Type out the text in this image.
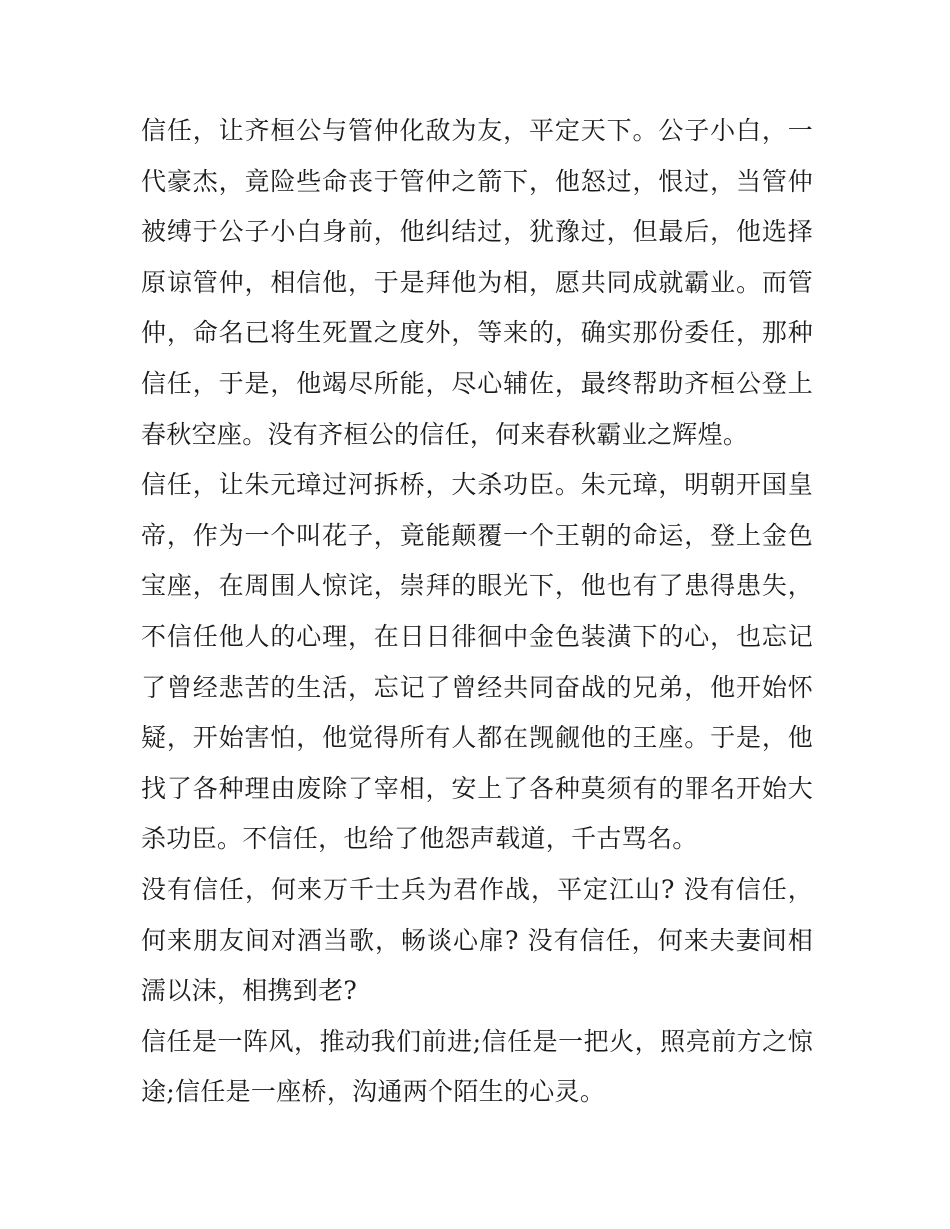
信任，让齐桓公与管仲化敌为友，平定天下。公子小白，一代豪杰，竟险些命丧于管仲之箭下，他怒过，恨过，当管仲被缚于公子小白身前，他纠结过，犹豫过，但最后，他选择原谅管仲，相信他，于是拜他为相，愿共同成就霸业。而管仲，命名已将生死置之度外，等来的，确实那份委任，那种信任，于是，他竭尽所能，尽心辅佐，最终帮助齐桓公登上春秋空座。没有齐桓公的信任，何来春秋霸业之辉煌。

信任，让朱元璋过河拆桥，大杀功臣。朱元璋，明朝开国皇帝，作为一个叫花子，竟能颠覆一个王朝的命运，登上金色宝座，在周围人惊诧，崇拜的眼光下，他也有了患得患失，不信任他人的心理，在日日徘徊中金色装潢下的心，也忘记了曾经悲苦的生活，忘记了曾经共同奋战的兄弟，他开始怀疑，开始害怕，他觉得所有人都在觊觎他的王座。于是，他找了各种理由废除了宰相，安上了各种莫须有的罪名开始大杀功臣。不信任，也给了他怨声载道，千古骂名。

没有信任，何来万千士兵为君作战，平定江山? 没有信任，何来朋友间对酒当歌，畅谈心扉? 没有信任，何来夫妻间相濡以沫，相携到老?

信任是一阵风，推动我们前进;信任是一把火，照亮前方之惊途;信任是一座桥，沟通两个陌生的心灵。
